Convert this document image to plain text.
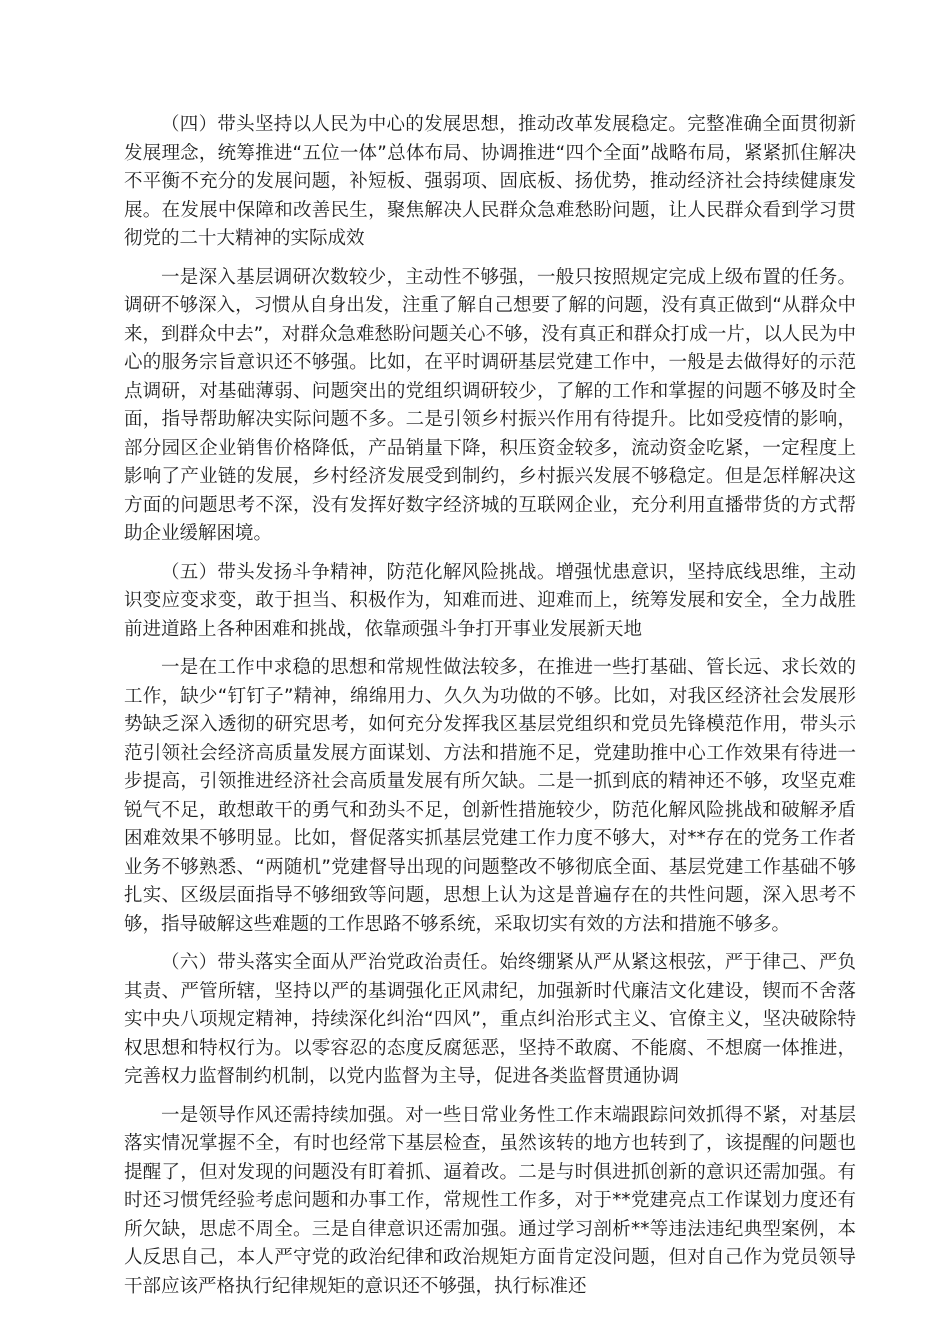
（四）带头坚持以人民为中心的发展思想，推动改革发展稳定。完整准确全面贯彻新发展理念，统筹推进“五位一体”总体布局、协调推进“四个全面”战略布局，紧紧抓住解决不平衡不充分的发展问题，补短板、强弱项、固底板、扬优势，推动经济社会持续健康发展。在发展中保障和改善民生，聚焦解决人民群众急难愁盼问题，让人民群众看到学习贯彻党的二十大精神的实际成效

一是深入基层调研次数较少，主动性不够强，一般只按照规定完成上级布置的任务。调研不够深入，习惯从自身出发，注重了解自己想要了解的问题，没有真正做到“从群众中来，到群众中去”，对群众急难愁盼问题关心不够，没有真正和群众打成一片，以人民为中心的服务宗旨意识还不够强。比如，在平时调研基层党建工作中，一般是去做得好的示范点调研，对基础薄弱、问题突出的党组织调研较少，了解的工作和掌握的问题不够及时全面，指导帮助解决实际问题不多。二是引领乡村振兴作用有待提升。比如受疫情的影响，部分园区企业销售价格降低，产品销量下降，积压资金较多，流动资金吃紧，一定程度上影响了产业链的发展，乡村经济发展受到制约，乡村振兴发展不够稳定。但是怎样解决这方面的问题思考不深，没有发挥好数字经济城的互联网企业，充分利用直播带货的方式帮助企业缓解困境。

（五）带头发扬斗争精神，防范化解风险挑战。增强忧患意识，坚持底线思维，主动识变应变求变，敢于担当、积极作为，知难而进、迎难而上，统筹发展和安全，全力战胜前进道路上各种困难和挑战，依靠顽强斗争打开事业发展新天地

一是在工作中求稳的思想和常规性做法较多，在推进一些打基础、管长远、求长效的工作，缺少“钉钉子”精神，绵绵用力、久久为功做的不够。比如，对我区经济社会发展形势缺乏深入透彻的研究思考，如何充分发挥我区基层党组织和党员先锋模范作用，带头示范引领社会经济高质量发展方面谋划、方法和措施不足，党建助推中心工作效果有待进一步提高，引领推进经济社会高质量发展有所欠缺。二是一抓到底的精神还不够，攻坚克难锐气不足，敢想敢干的勇气和劲头不足，创新性措施较少，防范化解风险挑战和破解矛盾困难效果不够明显。比如，督促落实抓基层党建工作力度不够大，对**存在的党务工作者业务不够熟悉、“两随机”党建督导出现的问题整改不够彻底全面、基层党建工作基础不够扎实、区级层面指导不够细致等问题，思想上认为这是普遍存在的共性问题，深入思考不够，指导破解这些难题的工作思路不够系统，采取切实有效的方法和措施不够多。

（六）带头落实全面从严治党政治责任。始终绷紧从严从紧这根弦，严于律己、严负其责、严管所辖，坚持以严的基调强化正风肃纪，加强新时代廉洁文化建设，锲而不舍落实中央八项规定精神，持续深化纠治“四风”，重点纠治形式主义、官僚主义，坚决破除特权思想和特权行为。以零容忍的态度反腐惩恶，坚持不敢腐、不能腐、不想腐一体推进，完善权力监督制约机制，以党内监督为主导，促进各类监督贯通协调

一是领导作风还需持续加强。对一些日常业务性工作末端跟踪问效抓得不紧，对基层落实情况掌握不全，有时也经常下基层检查，虽然该转的地方也转到了，该提醒的问题也提醒了，但对发现的问题没有盯着抓、逼着改。二是与时俱进抓创新的意识还需加强。有时还习惯凭经验考虑问题和办事工作，常规性工作多，对于**党建亮点工作谋划力度还有所欠缺，思虑不周全。三是自律意识还需加强。通过学习剖析**等违法违纪典型案例，本人反思自己，本人严守党的政治纪律和政治规矩方面肯定没问题，但对自己作为党员领导干部应该严格执行纪律规矩的意识还不够强，执行标准还
